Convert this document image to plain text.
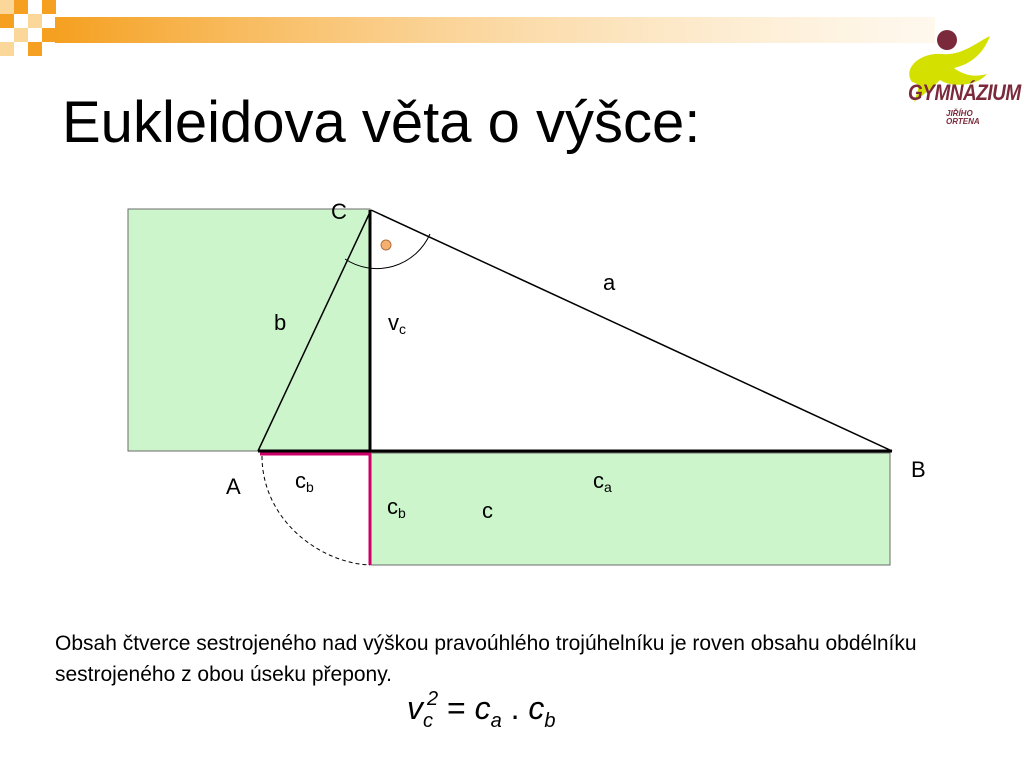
GYMNÁZIUM
JIŘÍHO ORTENA
Eukleidova věta o výšce:
C
A
B
a
b
c
$v_c$
$c_b$
$c_b$
$c_a$
Obsah čtverce sestrojeného nad výškou pravoúhlého trojúhelníku je roven obsahu obdélníku sestrojeného z obou úseku přepony.
$v_c^2 = c_a$ . $c_b$
